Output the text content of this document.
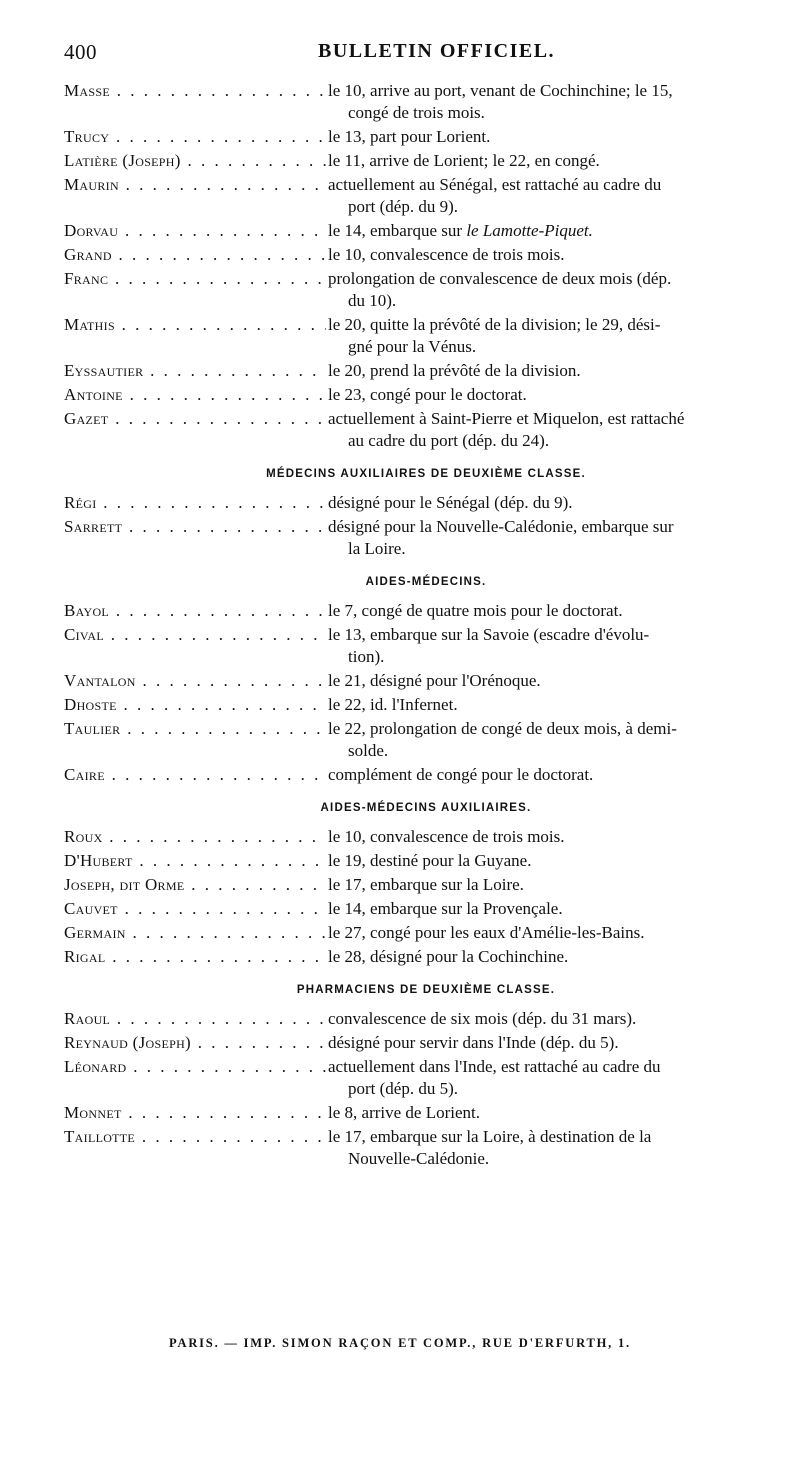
400	BULLETIN OFFICIEL.
Masse . . .	le 10, arrive au port, venant de Cochinchine; le 15,
congé de trois mois.
Trucy . . .	le 13, part pour Lorient.
Latière (Joseph) . . .	le 11, arrive de Lorient; le 22, en congé.
Maurin . . .	actuellement au Sénégal, est rattaché au cadre du
port (dép. du 9).
Dorvau . . .	le 14, embarque sur le Lamotte-Piquet.
Grand . . .	le 10, convalescence de trois mois.
Franc . . .	prolongation de convalescence de deux mois (dép.
du 10).
Mathis . . .	le 20, quitte la prévôté de la division; le 29, dési-
gné pour la Vénus.
Eyssautier . . .	le 20, prend la prévôté de la division.
Antoine . . .	le 23, congé pour le doctorat.
Gazet . . .	actuellement à Saint-Pierre et Miquelon, est rattaché
au cadre du port (dép. du 24).
MÉDECINS AUXILIAIRES DE DEUXIÈME CLASSE.
Régi . . .	désigné pour le Sénégal (dép. du 9).
Sarrett . . .	désigné pour la Nouvelle-Calédonie, embarque sur
la Loire.
AIDES-MÉDECINS.
Bayol . . .	le 7, congé de quatre mois pour le doctorat.
Cival . . .	le 13, embarque sur la Savoie (escadre d'évolu-
tion).
Vantalon . . .	le 21, désigné pour l'Orénoque.
Dhoste . . .	le 22, id. l'Infernet.
Taulier . . .	le 22, prolongation de congé de deux mois, à demi-
solde.
Caire . . .	complément de congé pour le doctorat.
AIDES-MÉDECINS AUXILIAIRES.
Roux . . .	le 10, convalescence de trois mois.
D'Hubert . . .	le 19, destiné pour la Guyane.
Joseph, dit Orme . . .	le 17, embarque sur la Loire.
Cauvet . . .	le 14, embarque sur la Provençale.
Germain . . .	le 27, congé pour les eaux d'Amélie-les-Bains.
Rigal . . .	le 28, désigné pour la Cochinchine.
PHARMACIENS DE DEUXIÈME CLASSE.
Raoul . . .	convalescence de six mois (dép. du 31 mars).
Reynaud (Joseph) . . .	désigné pour servir dans l'Inde (dép. du 5).
Léonard . . .	actuellement dans l'Inde, est rattaché au cadre du
port (dép. du 5).
Monnet . . .	le 8, arrive de Lorient.
Taillotte . . .	le 17, embarque sur la Loire, à destination de la
Nouvelle-Calédonie.
PARIS. — IMP. SIMON RAÇON ET COMP., RUE D'ERFURTH, 1.
